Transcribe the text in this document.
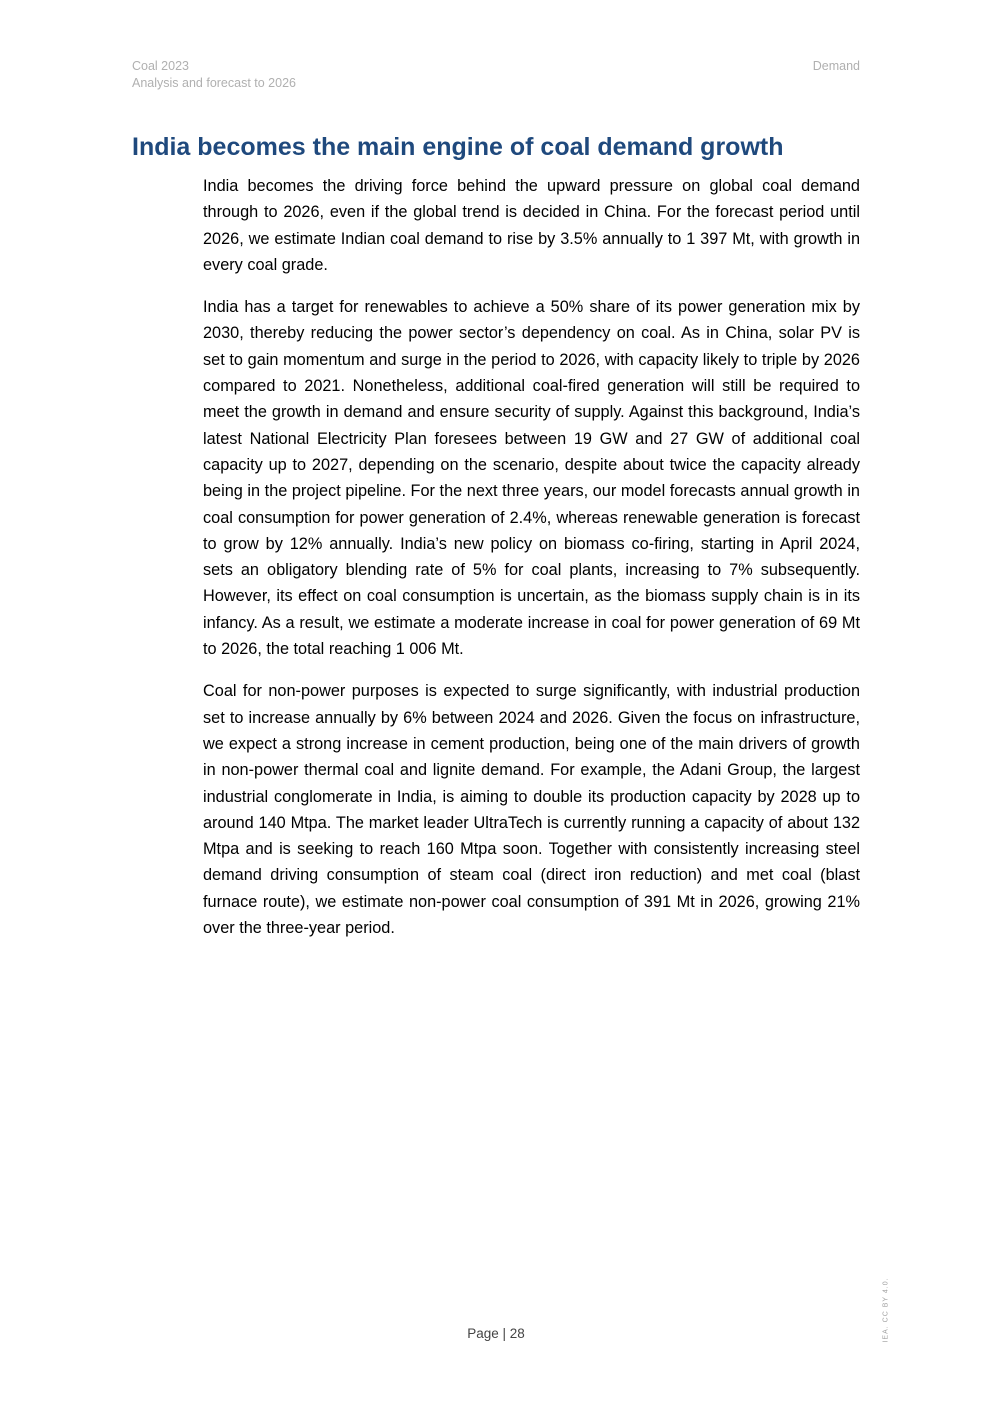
Coal 2023
Analysis and forecast to 2026
Demand
India becomes the main engine of coal demand growth

India becomes the driving force behind the upward pressure on global coal demand through to 2026, even if the global trend is decided in China. For the forecast period until 2026, we estimate Indian coal demand to rise by 3.5% annually to 1 397 Mt, with growth in every coal grade.

India has a target for renewables to achieve a 50% share of its power generation mix by 2030, thereby reducing the power sector’s dependency on coal. As in China, solar PV is set to gain momentum and surge in the period to 2026, with capacity likely to triple by 2026 compared to 2021. Nonetheless, additional coal-fired generation will still be required to meet the growth in demand and ensure security of supply. Against this background, India’s latest National Electricity Plan foresees between 19 GW and 27 GW of additional coal capacity up to 2027, depending on the scenario, despite about twice the capacity already being in the project pipeline. For the next three years, our model forecasts annual growth in coal consumption for power generation of 2.4%, whereas renewable generation is forecast to grow by 12% annually. India’s new policy on biomass co-firing, starting in April 2024, sets an obligatory blending rate of 5% for coal plants, increasing to 7% subsequently. However, its effect on coal consumption is uncertain, as the biomass supply chain is in its infancy. As a result, we estimate a moderate increase in coal for power generation of 69 Mt to 2026, the total reaching 1 006 Mt.

Coal for non-power purposes is expected to surge significantly, with industrial production set to increase annually by 6% between 2024 and 2026. Given the focus on infrastructure, we expect a strong increase in cement production, being one of the main drivers of growth in non-power thermal coal and lignite demand. For example, the Adani Group, the largest industrial conglomerate in India, is aiming to double its production capacity by 2028 up to around 140 Mtpa. The market leader UltraTech is currently running a capacity of about 132 Mtpa and is seeking to reach 160 Mtpa soon. Together with consistently increasing steel demand driving consumption of steam coal (direct iron reduction) and met coal (blast furnace route), we estimate non-power coal consumption of 391 Mt in 2026, growing 21% over the three-year period.

Page | 28	IEA. CC BY 4.0.
